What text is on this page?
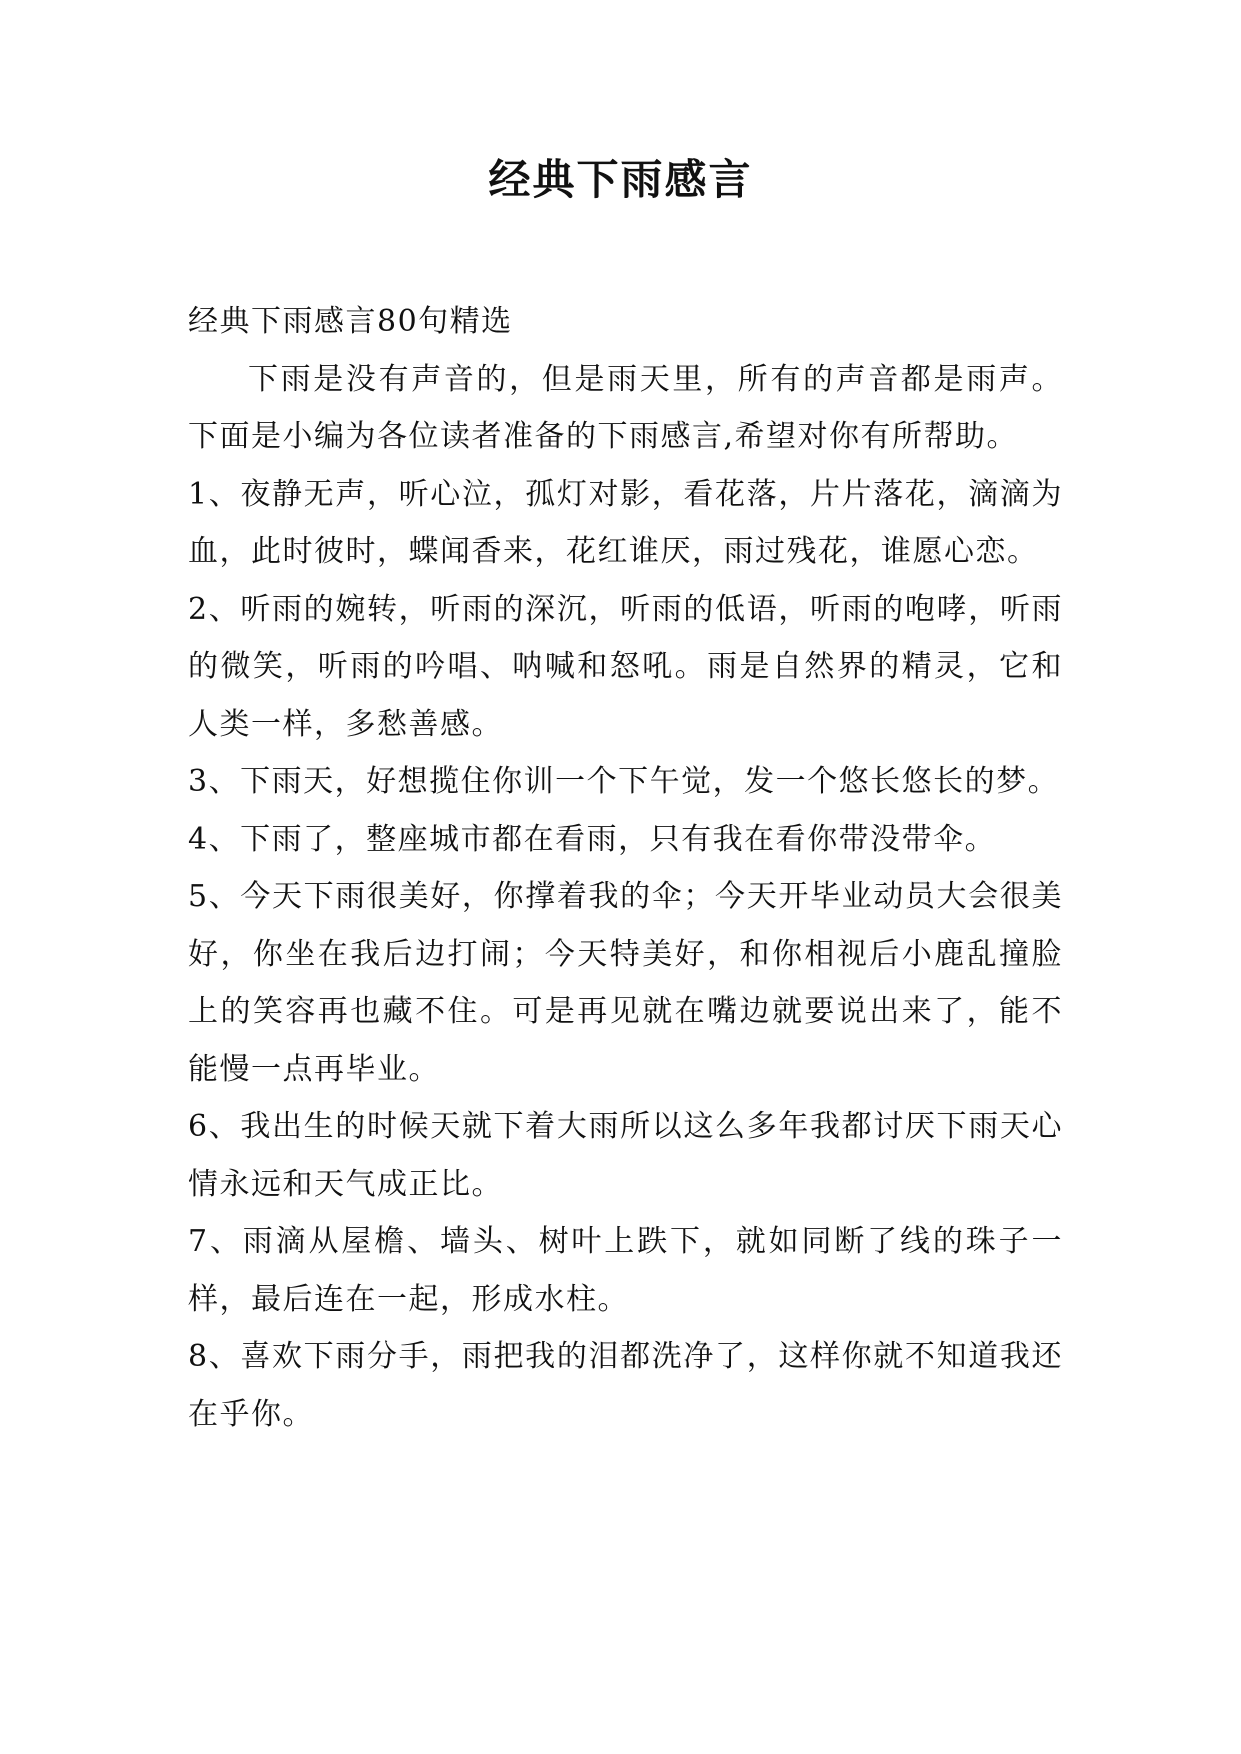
经典下雨感言

经典下雨感言80句精选

下雨是没有声音的，但是雨天里，所有的声音都是雨声。下面是小编为各位读者准备的下雨感言,希望对你有所帮助。

1、夜静无声，听心泣，孤灯对影，看花落，片片落花，滴滴为血，此时彼时，蝶闻香来，花红谁厌，雨过残花，谁愿心恋。

2、听雨的婉转，听雨的深沉，听雨的低语，听雨的咆哮，听雨的微笑，听雨的吟唱、呐喊和怒吼。雨是自然界的精灵，它和人类一样，多愁善感。

3、下雨天，好想揽住你训一个下午觉，发一个悠长悠长的梦。

4、下雨了，整座城市都在看雨，只有我在看你带没带伞。

5、今天下雨很美好，你撑着我的伞；今天开毕业动员大会很美好，你坐在我后边打闹；今天特美好，和你相视后小鹿乱撞脸上的笑容再也藏不住。可是再见就在嘴边就要说出来了，能不能慢一点再毕业。

6、我出生的时候天就下着大雨所以这么多年我都讨厌下雨天心情永远和天气成正比。

7、雨滴从屋檐、墙头、树叶上跌下，就如同断了线的珠子一样，最后连在一起，形成水柱。

8、喜欢下雨分手，雨把我的泪都洗净了，这样你就不知道我还在乎你。
